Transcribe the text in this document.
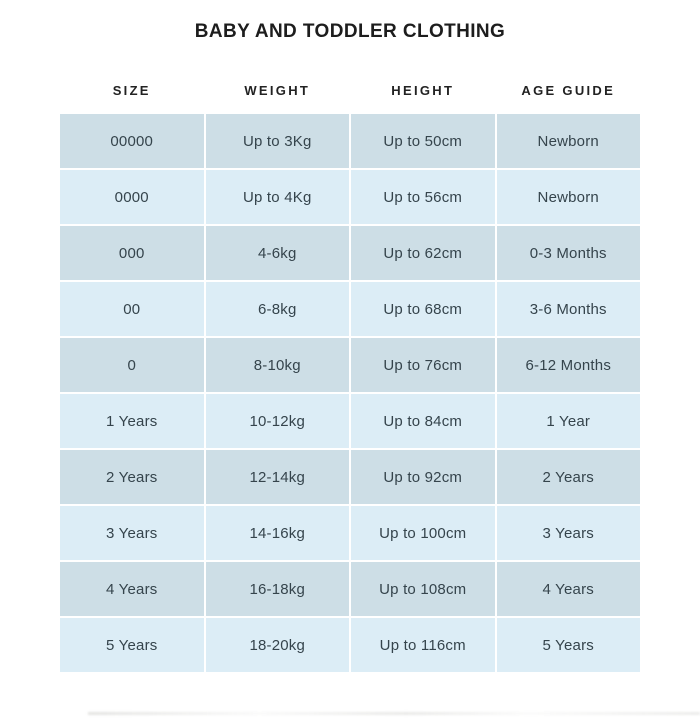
BABY AND TODDLER CLOTHING
SIZE	WEIGHT	HEIGHT	AGE GUIDE
00000	Up to 3Kg	Up to 50cm	Newborn
0000	Up to 4Kg	Up to 56cm	Newborn
000	4-6kg	Up to 62cm	0-3 Months
00	6-8kg	Up to 68cm	3-6 Months
0	8-10kg	Up to 76cm	6-12 Months
1 Years	10-12kg	Up to 84cm	1 Year
2 Years	12-14kg	Up to 92cm	2 Years
3 Years	14-16kg	Up to 100cm	3 Years
4 Years	16-18kg	Up to 108cm	4 Years
5 Years	18-20kg	Up to 116cm	5 Years
